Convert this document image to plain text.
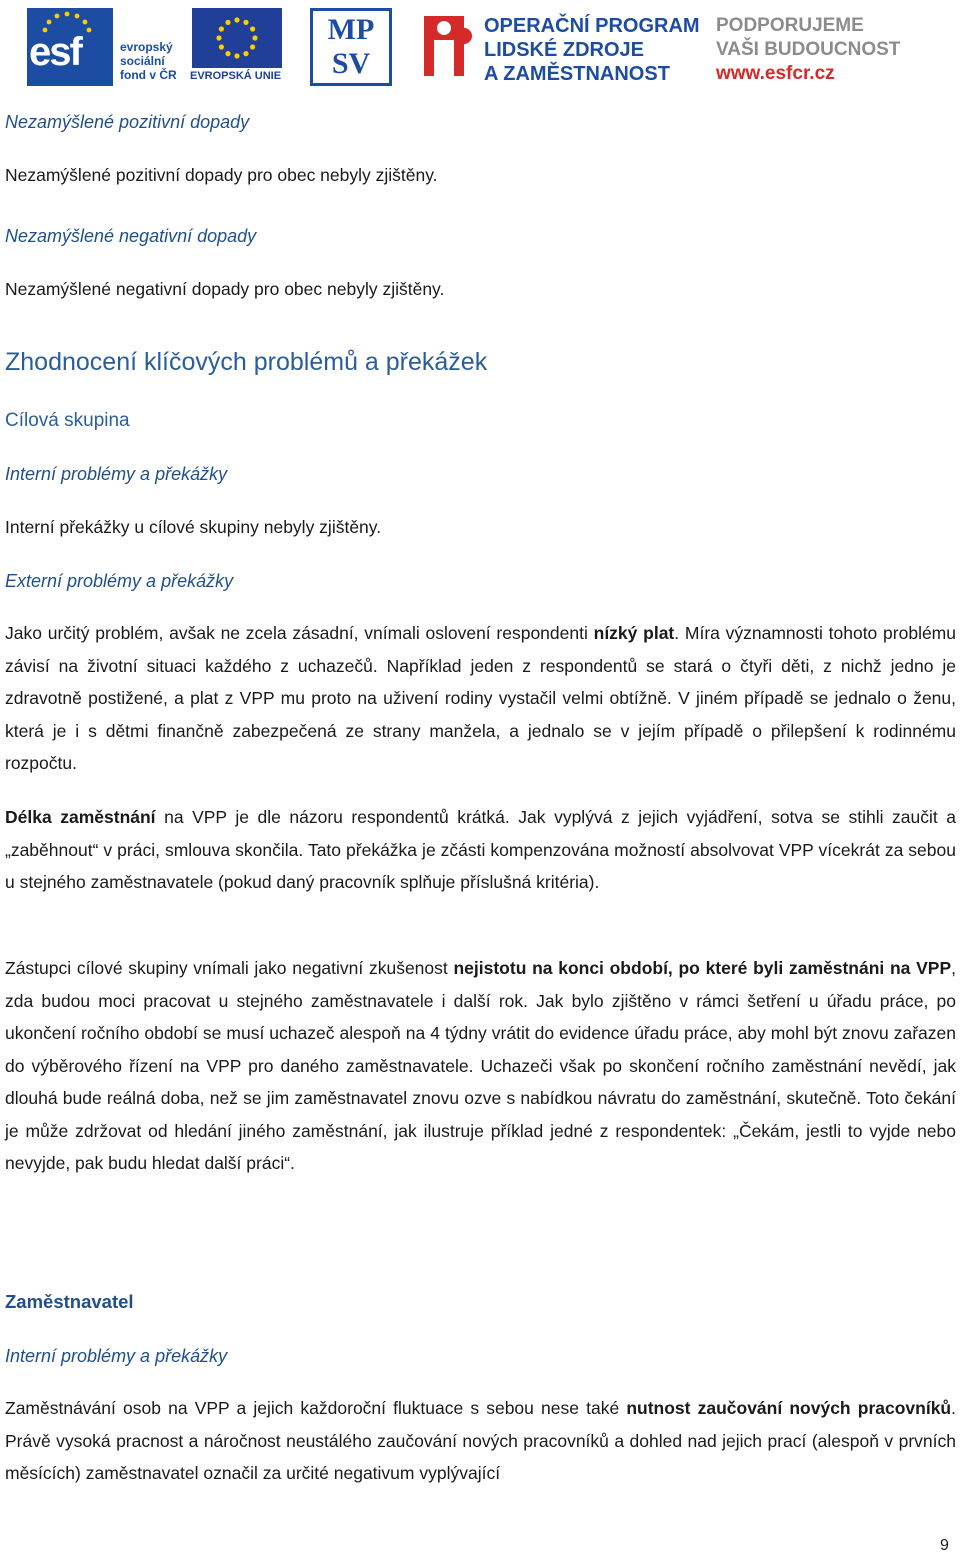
esf	evropský
sociální
fond v ČR EVROPSKÁ UNIE
MP
SV
OPERAČNÍ PROGRAM
LIDSKÉ ZDROJE
A ZAMĚSTNANOST
PODPORUJEME
VAŠI BUDOUCNOST
www.esfcr.cz

Nezamýšlené pozitivní dopady

Nezamýšlené pozitivní dopady pro obec nebyly zjištěny.

Nezamýšlené negativní dopady

Nezamýšlené negativní dopady pro obec nebyly zjištěny.

Zhodnocení klíčových problémů a překážek

Cílová skupina

Interní problémy a překážky

Interní překážky u cílové skupiny nebyly zjištěny.

Externí problémy a překážky

Jako určitý problém, avšak ne zcela zásadní, vnímali oslovení respondenti nízký plat. Míra významnosti tohoto problému závisí na životní situaci každého z uchazečů. Například jeden z respondentů se stará o čtyři děti, z nichž jedno je zdravotně postižené, a plat z VPP mu proto na uživení rodiny vystačil velmi obtížně. V jiném případě se jednalo o ženu, která je i s dětmi finančně zabezpečená ze strany manžela, a jednalo se v jejím případě o přilepšení k rodinnému rozpočtu.

Délka zaměstnání na VPP je dle názoru respondentů krátká. Jak vyplývá z jejich vyjádření, sotva se stihli zaučit a „zaběhnout“ v práci, smlouva skončila. Tato překážka je zčásti kompenzována možností absolvovat VPP vícekrát za sebou u stejného zaměstnavatele (pokud daný pracovník splňuje příslušná kritéria).

Zástupci cílové skupiny vnímali jako negativní zkušenost nejistotu na konci období, po které byli zaměstnáni na VPP, zda budou moci pracovat u stejného zaměstnavatele i další rok. Jak bylo zjištěno v rámci šetření u úřadu práce, po ukončení ročního období se musí uchazeč alespoň na 4 týdny vrátit do evidence úřadu práce, aby mohl být znovu zařazen do výběrového řízení na VPP pro daného zaměstnavatele. Uchazeči však po skončení ročního zaměstnání nevědí, jak dlouhá bude reálná doba, než se jim zaměstnavatel znovu ozve s nabídkou návratu do zaměstnání, skutečně. Toto čekání je může zdržovat od hledání jiného zaměstnání, jak ilustruje příklad jedné z respondentek: „Čekám, jestli to vyjde nebo nevyjde, pak budu hledat další práci“.

Zaměstnavatel

Interní problémy a překážky

Zaměstnávání osob na VPP a jejich každoroční fluktuace s sebou nese také nutnost zaučování nových pracovníků. Právě vysoká pracnost a náročnost neustálého zaučování nových pracovníků a dohled nad jejich prací (alespoň v prvních měsících) zaměstnavatel označil za určité negativum vyplývající

9
